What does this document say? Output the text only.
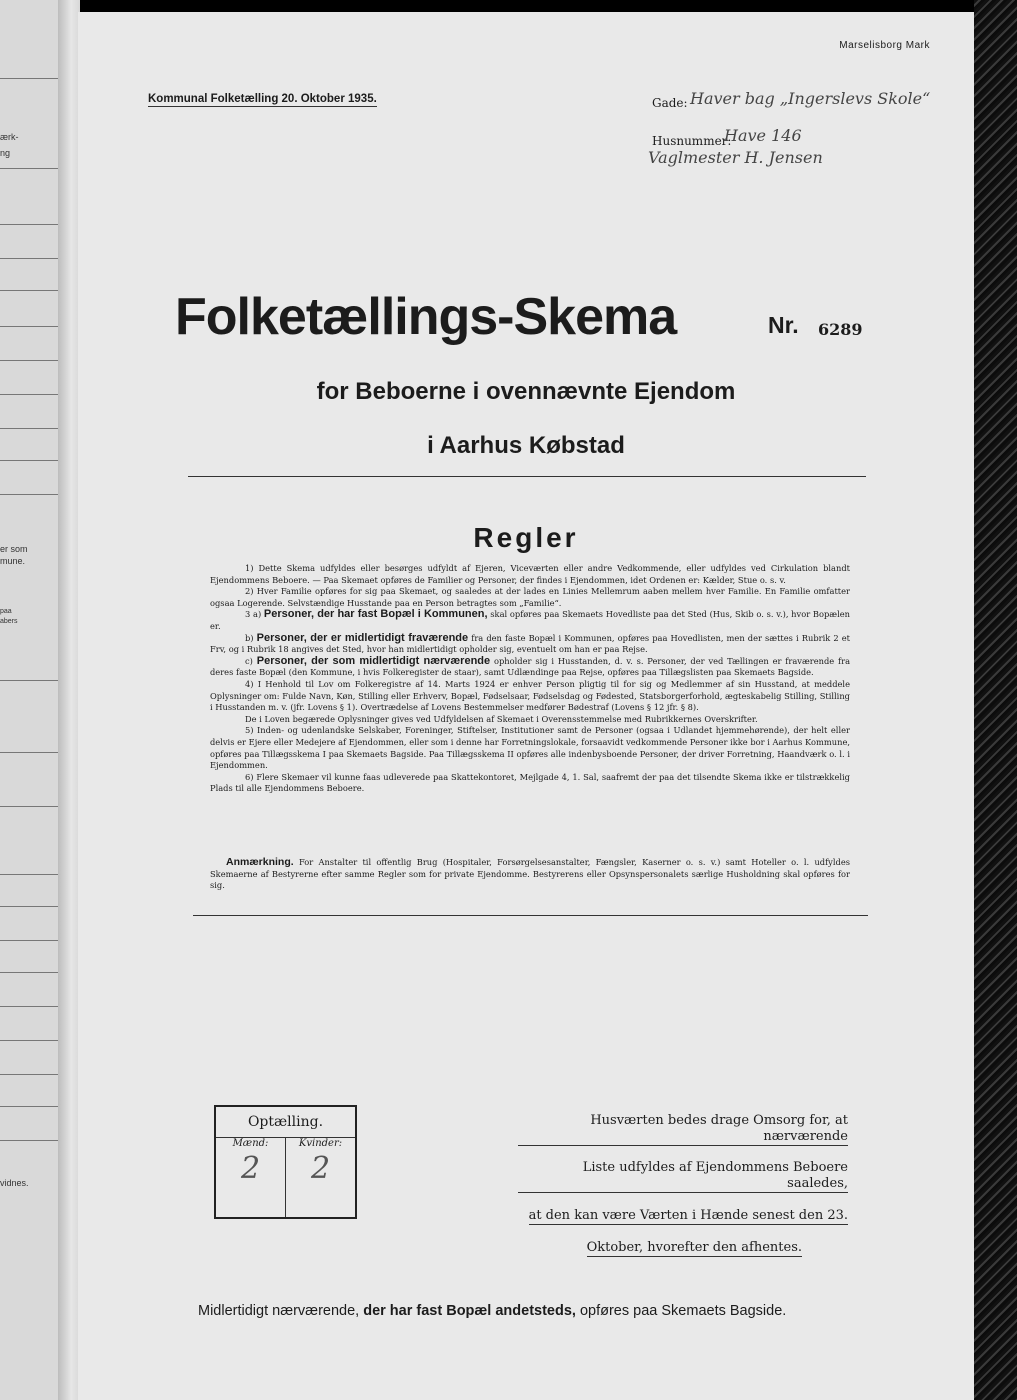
ærk-
ng
er som
mune.
paa
abers
vidnes.
Marselisborg Mark
Kommunal Folketælling 20. Oktober 1935.	Gade: Haver bag „Ingerslevs Skole“
Husnummer:
Have 146
Vaglmester H. Jensen
Folketællings-Skema	Nr. 6289
for Beboerne i ovennævnte Ejendom
i Aarhus Købstad
Regler

1) Dette Skema udfyldes eller besørges udfyldt af Ejeren, Viceværten eller andre Vedkommende, eller udfyldes ved Cirkulation blandt Ejendommens Beboere. — Paa Skemaet opføres de Familier og Personer, der findes i Ejendommen, idet Ordenen er: Kælder, Stue o. s. v.

2) Hver Familie opføres for sig paa Skemaet, og saaledes at der lades en Linies Mellemrum aaben mellem hver Familie. En Familie omfatter ogsaa Logerende. Selvstændige Husstande paa en Person betragtes som „Familie“.

3 a) Personer, der har fast Bopæl i Kommunen, skal opføres paa Skemaets Hovedliste paa det Sted (Hus, Skib o. s. v.), hvor Bopælen er.

b) Personer, der er midlertidigt fraværende fra den faste Bopæl i Kommunen, opføres paa Hovedlisten, men der sættes i Rubrik 2 et Frv, og i Rubrik 18 angives det Sted, hvor han midlertidigt opholder sig, eventuelt om han er paa Rejse.

c) Personer, der som midlertidigt nærværende opholder sig i Husstanden, d. v. s. Personer, der ved Tællingen er fraværende fra deres faste Bopæl (den Kommune, i hvis Folkeregister de staar), samt Udlændinge paa Rejse, opføres paa Tillægslisten paa Skemaets Bagside.

4) I Henhold til Lov om Folkeregistre af 14. Marts 1924 er enhver Person pligtig til for sig og Medlemmer af sin Husstand, at meddele Oplysninger om: Fulde Navn, Køn, Stilling eller Erhverv, Bopæl, Fødselsaar, Fødselsdag og Fødested, Statsborgerforhold, ægteskabelig Stilling, Stilling i Husstanden m. v. (jfr. Lovens § 1). Overtrædelse af Lovens Bestemmelser medfører Bødestraf (Lovens § 12 jfr. § 8).

De i Loven begærede Oplysninger gives ved Udfyldelsen af Skemaet i Overensstemmelse med Rubrikkernes Overskrifter.

5) Inden- og udenlandske Selskaber, Foreninger, Stiftelser, Institutioner samt de Personer (ogsaa i Udlandet hjemmehørende), der helt eller delvis er Ejere eller Medejere af Ejendommen, eller som i denne har Forretningslokale, forsaavidt vedkommende Personer ikke bor i Aarhus Kommune, opføres paa Tillægsskema I paa Skemaets Bagside. Paa Tillægsskema II opføres alle indenbysboende Personer, der driver Forretning, Haandværk o. l. i Ejendommen.

6) Flere Skemaer vil kunne faas udleverede paa Skattekontoret, Mejlgade 4, 1. Sal, saafremt der paa det tilsendte Skema ikke er tilstrækkelig Plads til alle Ejendommens Beboere.

Anmærkning. For Anstalter til offentlig Brug (Hospitaler, Forsørgelsesanstalter, Fængsler, Kaserner o. s. v.) samt Hoteller o. l. udfyldes Skemaerne af Bestyrerne efter samme Regler som for private Ejendomme. Bestyrerens eller Opsynspersonalets særlige Husholdning skal opføres for sig.

Optælling.
Mænd:
2
Kvinder:
2
Husværten bedes drage Omsorg for, at nærværende
Liste udfyldes af Ejendommens Beboere saaledes,
at den kan være Værten i Hænde senest den 23.
Oktober, hvorefter den afhentes.
Midlertidigt nærværende, der har fast Bopæl andetsteds, opføres paa Skemaets Bagside.
